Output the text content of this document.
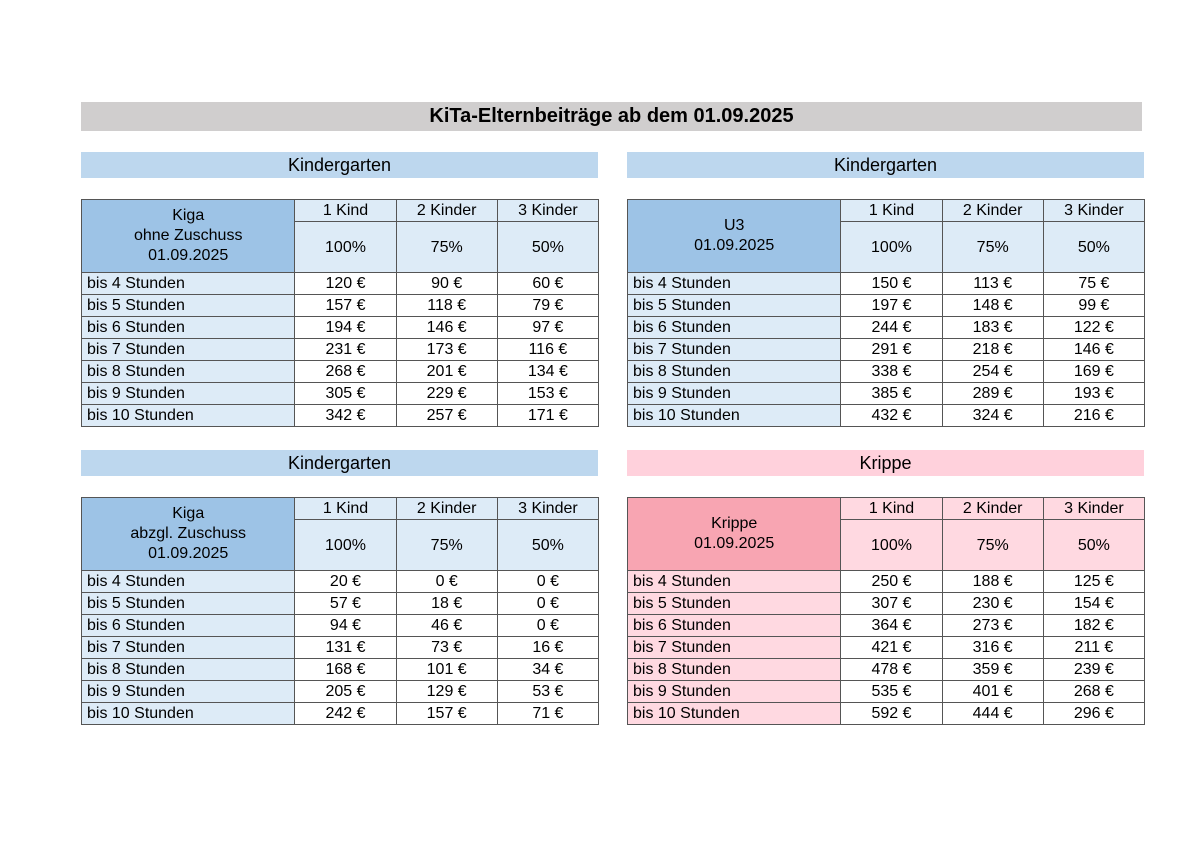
KiTa-Elternbeiträge ab dem 01.09.2025
Kindergarten
Kiga
ohne Zuschuss
01.09.2025	1 Kind	2 Kinder	3 Kinder
	100%	75%	50%
bis 4 Stunden	120 €	90 €	60 €
bis 5 Stunden	157 €	118 €	79 €
bis 6 Stunden	194 €	146 €	97 €
bis 7 Stunden	231 €	173 €	116 €
bis 8 Stunden	268 €	201 €	134 €
bis 9 Stunden	305 €	229 €	153 €
bis 10 Stunden	342 €	257 €	171 €
Kindergarten
U3
01.09.2025	1 Kind	2 Kinder	3 Kinder
	100%	75%	50%
bis 4 Stunden	150 €	113 €	75 €
bis 5 Stunden	197 €	148 €	99 €
bis 6 Stunden	244 €	183 €	122 €
bis 7 Stunden	291 €	218 €	146 €
bis 8 Stunden	338 €	254 €	169 €
bis 9 Stunden	385 €	289 €	193 €
bis 10 Stunden	432 €	324 €	216 €
Kindergarten
Kiga
abzgl. Zuschuss
01.09.2025	1 Kind	2 Kinder	3 Kinder
	100%	75%	50%
bis 4 Stunden	20 €	0 €	0 €
bis 5 Stunden	57 €	18 €	0 €
bis 6 Stunden	94 €	46 €	0 €
bis 7 Stunden	131 €	73 €	16 €
bis 8 Stunden	168 €	101 €	34 €
bis 9 Stunden	205 €	129 €	53 €
bis 10 Stunden	242 €	157 €	71 €
Krippe
Krippe
01.09.2025	1 Kind	2 Kinder	3 Kinder
	100%	75%	50%
bis 4 Stunden	250 €	188 €	125 €
bis 5 Stunden	307 €	230 €	154 €
bis 6 Stunden	364 €	273 €	182 €
bis 7 Stunden	421 €	316 €	211 €
bis 8 Stunden	478 €	359 €	239 €
bis 9 Stunden	535 €	401 €	268 €
bis 10 Stunden	592 €	444 €	296 €
